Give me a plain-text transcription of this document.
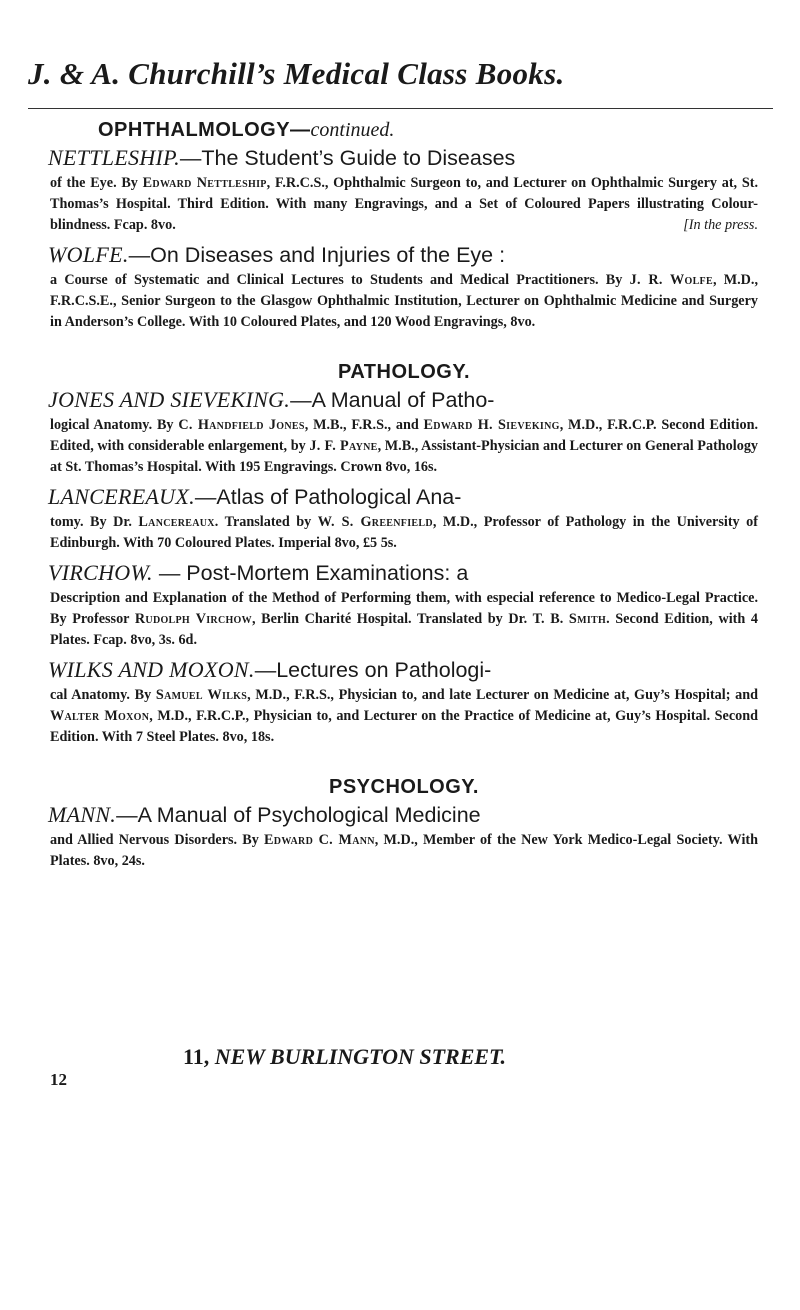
J. & A. Churchill’s Medical Class Books.
OPHTHALMOLOGY—continued.
NETTLESHIP.—The Student’s Guide to Diseases
of the Eye. By Edward Nettleship, F.R.C.S., Ophthalmic Surgeon to, and Lecturer on Ophthalmic Surgery at, St. Thomas’s Hospital. Third Edition. With many Engravings, and a Set of Coloured Papers illustrating Colour-blindness. Fcap. 8vo.	[In the press.
WOLFE.—On Diseases and Injuries of the Eye :
a Course of Systematic and Clinical Lectures to Students and Medical Practitioners. By J. R. Wolfe, M.D., F.R.C.S.E., Senior Surgeon to the Glasgow Ophthalmic Institution, Lecturer on Ophthalmic Medicine and Surgery in Anderson’s College. With 10 Coloured Plates, and 120 Wood Engravings, 8vo.
PATHOLOGY.
JONES AND SIEVEKING.—A Manual of Patho-
logical Anatomy. By C. Handfield Jones, M.B., F.R.S., and Edward H. Sieveking, M.D., F.R.C.P. Second Edition. Edited, with considerable enlargement, by J. F. Payne, M.B., Assistant-Physician and Lecturer on General Pathology at St. Thomas’s Hospital. With 195 Engravings. Crown 8vo, 16s.
LANCEREAUX.—Atlas of Pathological Ana-
tomy. By Dr. Lancereaux. Translated by W. S. Greenfield, M.D., Professor of Pathology in the University of Edinburgh. With 70 Coloured Plates. Imperial 8vo, £5 5s.
VIRCHOW. — Post-Mortem Examinations: a
Description and Explanation of the Method of Performing them, with especial reference to Medico-Legal Practice. By Professor Rudolph Virchow, Berlin Charité Hospital. Translated by Dr. T. B. Smith. Second Edition, with 4 Plates. Fcap. 8vo, 3s. 6d.
WILKS AND MOXON.—Lectures on Pathologi-
cal Anatomy. By Samuel Wilks, M.D., F.R.S., Physician to, and late Lecturer on Medicine at, Guy’s Hospital; and Walter Moxon, M.D., F.R.C.P., Physician to, and Lecturer on the Practice of Medicine at, Guy’s Hospital. Second Edition. With 7 Steel Plates. 8vo, 18s.
PSYCHOLOGY.
MANN.—A Manual of Psychological Medicine
and Allied Nervous Disorders. By Edward C. Mann, M.D., Member of the New York Medico-Legal Society. With Plates. 8vo, 24s.
11, NEW BURLINGTON STREET.
12
